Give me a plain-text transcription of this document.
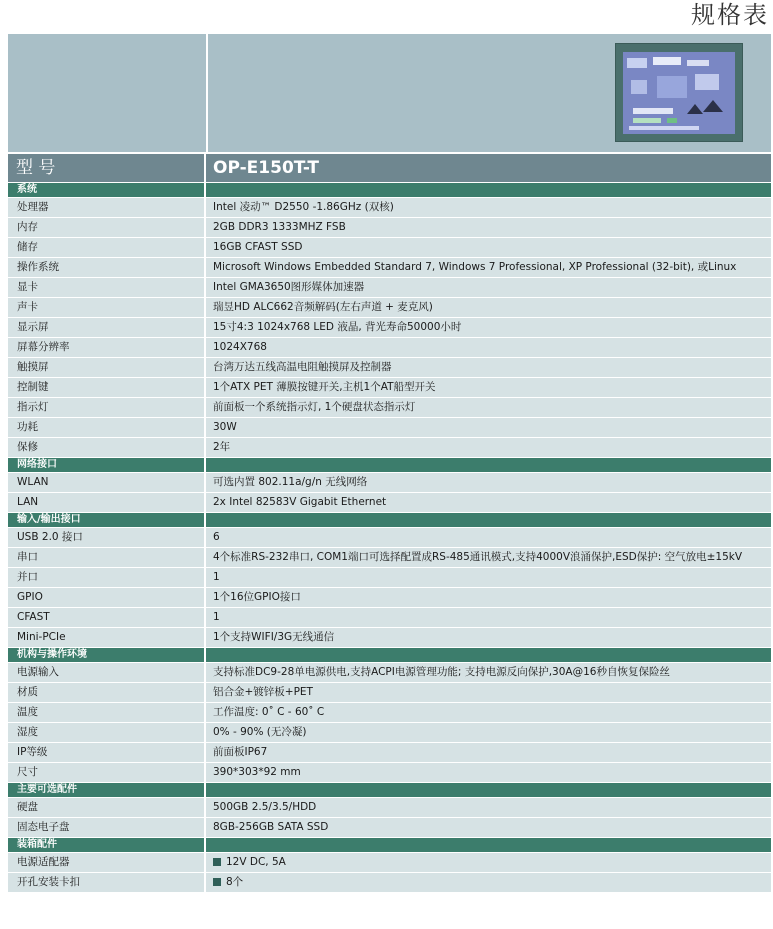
规格表
型 号	OP-E150T-T
系统
处理器	Intel 凌动™ D2550 -1.86GHz (双核)
内存	2GB DDR3 1333MHZ FSB
储存	16GB CFAST SSD
操作系统	Microsoft Windows Embedded Standard 7, Windows 7 Professional, XP Professional (32-bit), 或Linux
显卡	Intel GMA3650图形媒体加速器
声卡	瑞昱HD ALC662音频解码(左右声道 + 麦克风)
显示屏	15寸4:3 1024x768 LED 液晶, 背光寿命50000小时
屏幕分辨率	1024X768
触摸屏	台湾万达五线高温电阻触摸屏及控制器
控制键	1个ATX PET 薄膜按键开关,主机1个AT船型开关
指示灯	前面板一个系统指示灯, 1个硬盘状态指示灯
功耗	30W
保修	2年
网络接口
WLAN	可选内置 802.11a/g/n 无线网络
LAN	2x Intel 82583V Gigabit Ethernet
输入/输出接口
USB 2.0 接口	6
串口	4个标准RS-232串口, COM1端口可选择配置成RS-485通讯模式,支持4000V浪涌保护,ESD保护: 空气放电±15kV
并口	1
GPIO	1个16位GPIO接口
CFAST	1
Mini-PCIe	1个支持WIFI/3G无线通信
机构与操作环境
电源输入	支持标准DC9-28单电源供电,支持ACPI电源管理功能; 支持电源反向保护,30A@16秒自恢复保险丝
材质	铝合金+镀锌板+PET
温度	工作温度: 0˚ C - 60˚ C
湿度	0% - 90% (无冷凝)
IP等级	前面板IP67
尺寸	390*303*92 mm
主要可选配件
硬盘	500GB 2.5/3.5/HDD
固态电子盘	8GB-256GB SATA SSD
装箱配件
电源适配器	12V DC, 5A
开孔安装卡扣	8个
